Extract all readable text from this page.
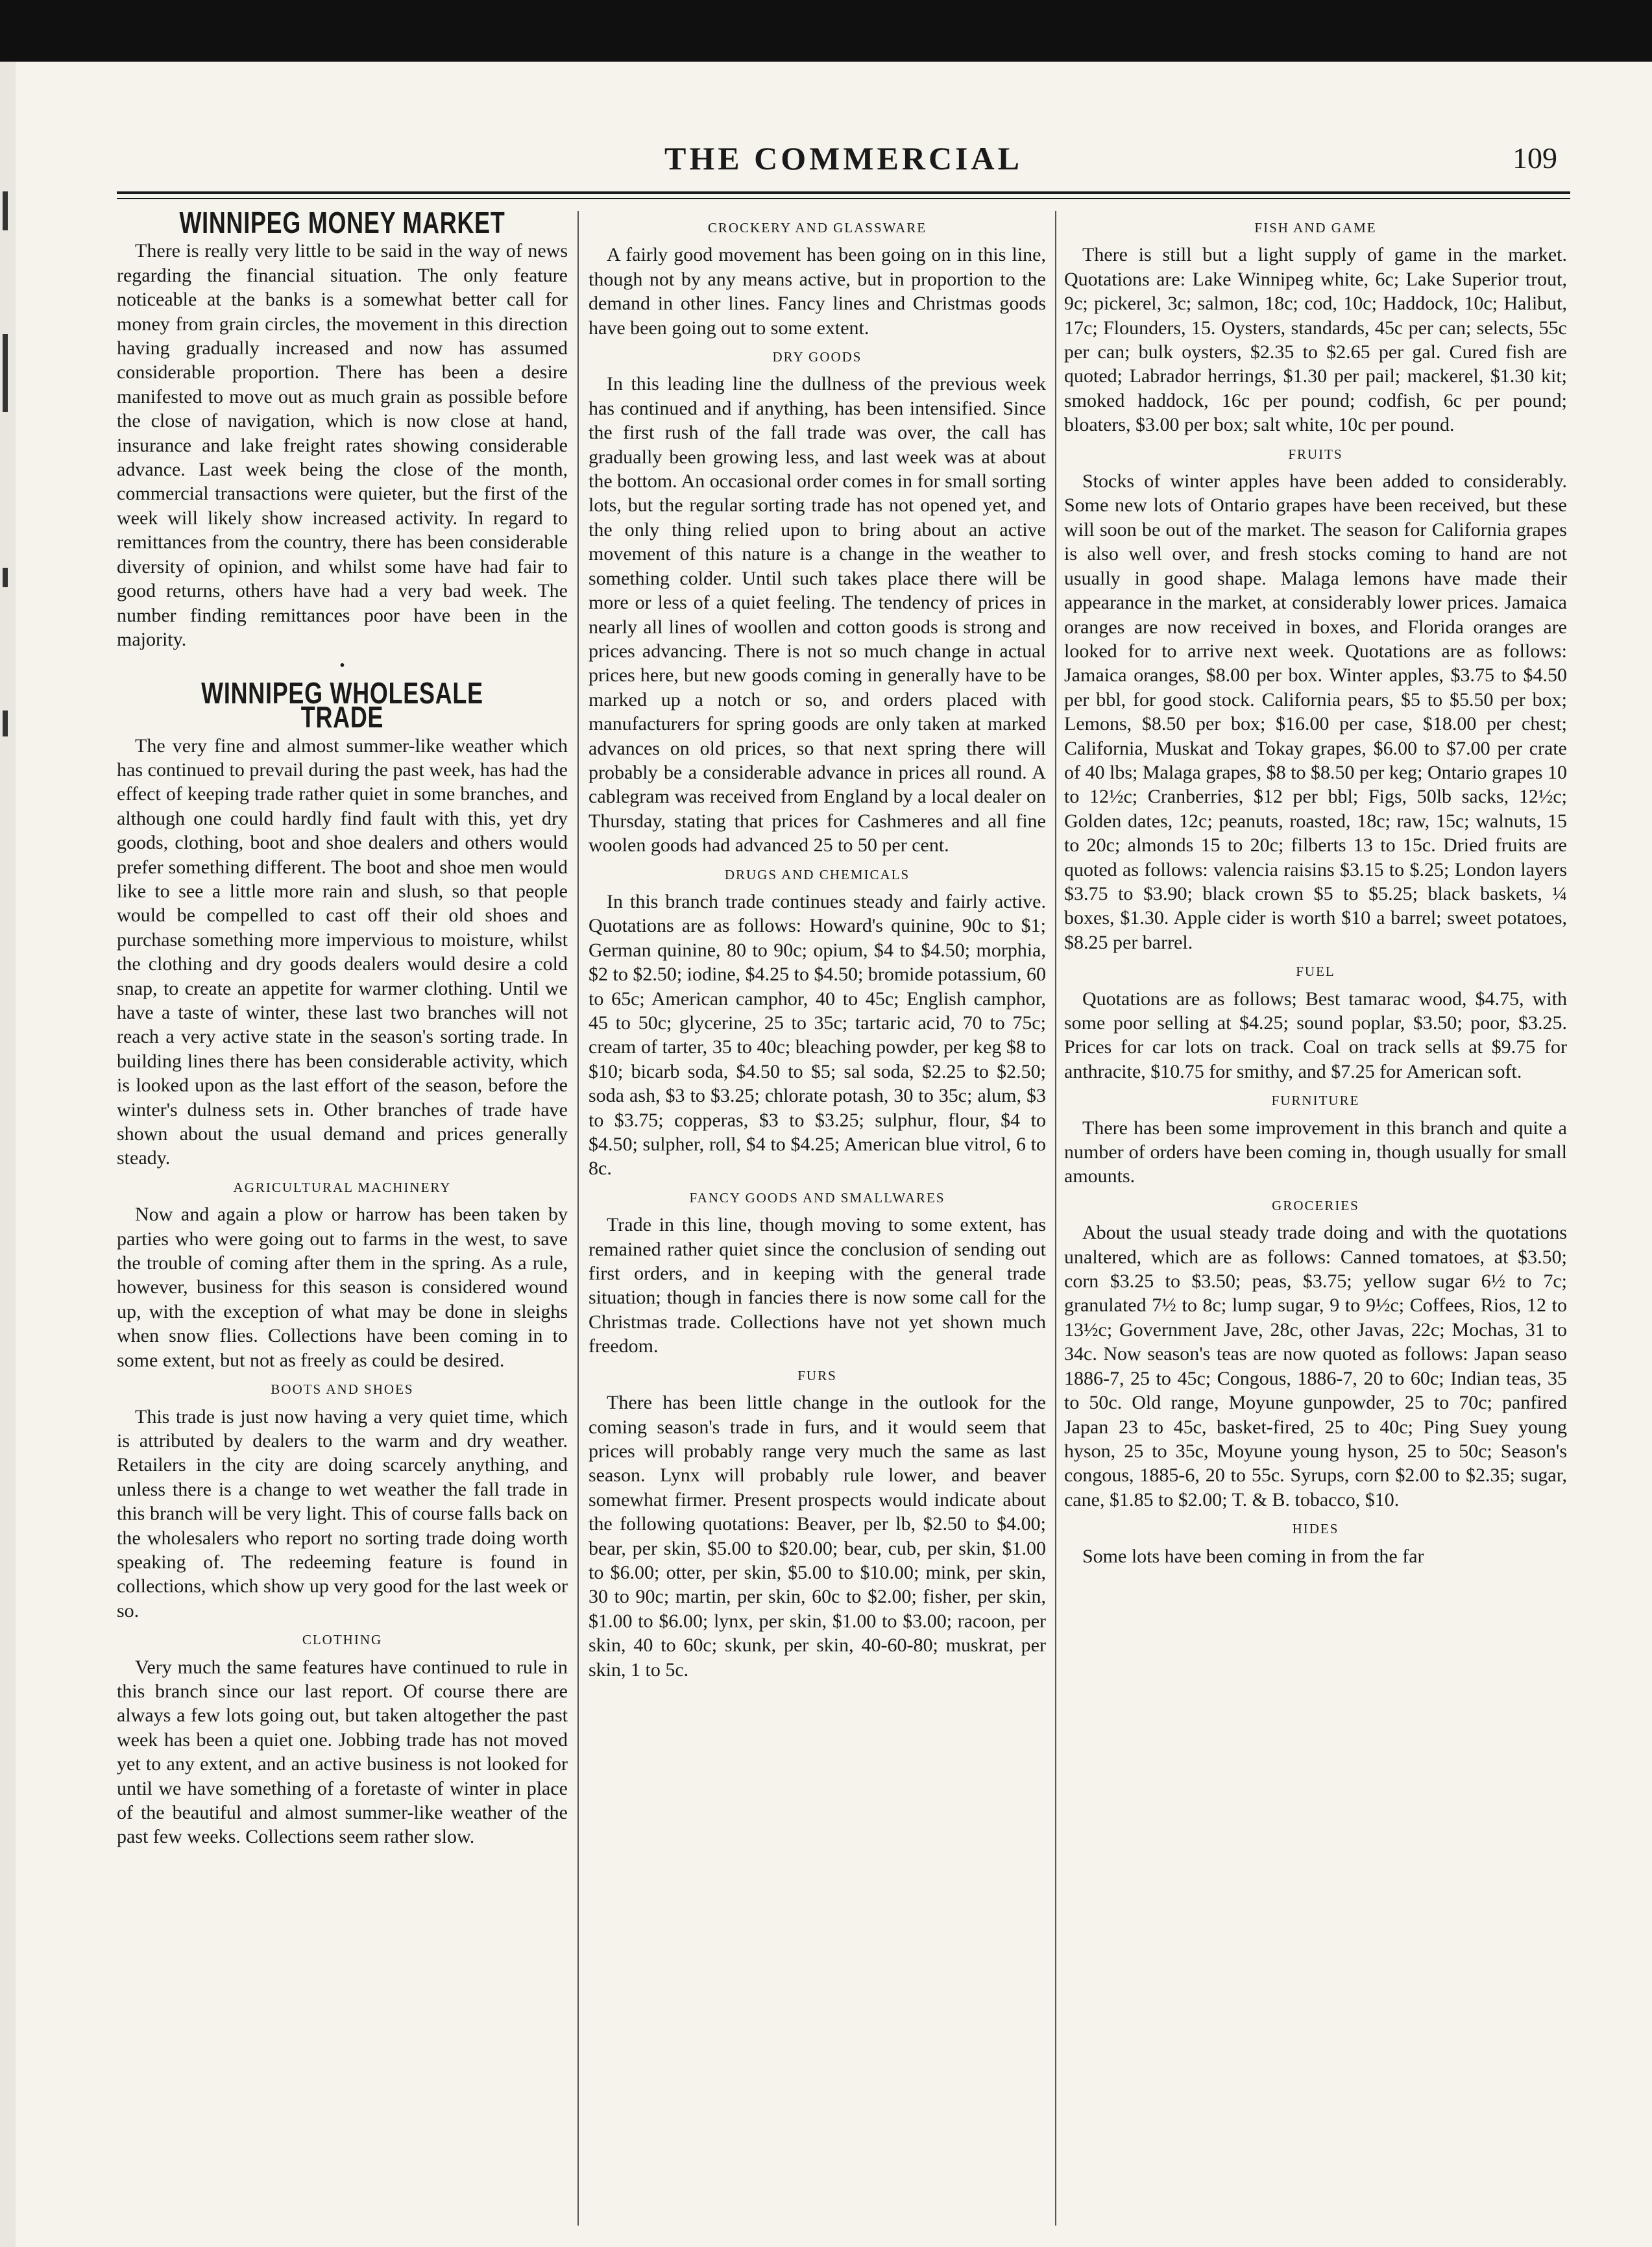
THE COMMERCIAL	109
WINNIPEG MONEY MARKET

There is really very little to be said in the way of news regarding the financial situation. The only feature noticeable at the banks is a somewhat better call for money from grain circles, the movement in this direction having gradually increased and now has assumed considerable proportion. There has been a desire manifested to move out as much grain as possible before the close of navigation, which is now close at hand, insurance and lake freight rates showing considerable advance. Last week being the close of the month, commercial transactions were quieter, but the first of the week will likely show increased activity. In regard to remittances from the country, there has been considerable diversity of opinion, and whilst some have had fair to good returns, others have had a very bad week. The number finding remittances poor have been in the majority.

•
WINNIPEG WHOLESALE TRADE

The very fine and almost summer-like weather which has continued to prevail during the past week, has had the effect of keeping trade rather quiet in some branches, and although one could hardly find fault with this, yet dry goods, clothing, boot and shoe dealers and others would prefer something different. The boot and shoe men would like to see a little more rain and slush, so that people would be compelled to cast off their old shoes and purchase something more impervious to moisture, whilst the clothing and dry goods dealers would desire a cold snap, to create an appetite for warmer clothing. Until we have a taste of winter, these last two branches will not reach a very active state in the season's sorting trade. In building lines there has been considerable activity, which is looked upon as the last effort of the season, before the winter's dulness sets in. Other branches of trade have shown about the usual demand and prices generally steady.

AGRICULTURAL MACHINERY

Now and again a plow or harrow has been taken by parties who were going out to farms in the west, to save the trouble of coming after them in the spring. As a rule, however, business for this season is considered wound up, with the exception of what may be done in sleighs when snow flies. Collections have been coming in to some extent, but not as freely as could be desired.

BOOTS AND SHOES

This trade is just now having a very quiet time, which is attributed by dealers to the warm and dry weather. Retailers in the city are doing scarcely anything, and unless there is a change to wet weather the fall trade in this branch will be very light. This of course falls back on the wholesalers who report no sorting trade doing worth speaking of. The redeeming feature is found in collections, which show up very good for the last week or so.

CLOTHING

Very much the same features have continued to rule in this branch since our last report. Of course there are always a few lots going out, but taken altogether the past week has been a quiet one. Jobbing trade has not moved yet to any extent, and an active business is not looked for until we have something of a foretaste of winter in place of the beautiful and almost summer-like weather of the past few weeks. Collections seem rather slow.

CROCKERY AND GLASSWARE

A fairly good movement has been going on in this line, though not by any means active, but in proportion to the demand in other lines. Fancy lines and Christmas goods have been going out to some extent.

DRY GOODS

In this leading line the dullness of the previous week has continued and if anything, has been intensified. Since the first rush of the fall trade was over, the call has gradually been growing less, and last week was at about the bottom. An occasional order comes in for small sorting lots, but the regular sorting trade has not opened yet, and the only thing relied upon to bring about an active movement of this nature is a change in the weather to something colder. Until such takes place there will be more or less of a quiet feeling. The tendency of prices in nearly all lines of woollen and cotton goods is strong and prices advancing. There is not so much change in actual prices here, but new goods coming in generally have to be marked up a notch or so, and orders placed with manufacturers for spring goods are only taken at marked advances on old prices, so that next spring there will probably be a considerable advance in prices all round. A cablegram was received from England by a local dealer on Thursday, stating that prices for Cashmeres and all fine woolen goods had advanced 25 to 50 per cent.

DRUGS AND CHEMICALS

In this branch trade continues steady and fairly active. Quotations are as follows: Howard's quinine, 90c to $1; German quinine, 80 to 90c; opium, $4 to $4.50; morphia, $2 to $2.50; iodine, $4.25 to $4.50; bromide potassium, 60 to 65c; American camphor, 40 to 45c; English camphor, 45 to 50c; glycerine, 25 to 35c; tartaric acid, 70 to 75c; cream of tarter, 35 to 40c; bleaching powder, per keg $8 to $10; bicarb soda, $4.50 to $5; sal soda, $2.25 to $2.50; soda ash, $3 to $3.25; chlorate potash, 30 to 35c; alum, $3 to $3.75; copperas, $3 to $3.25; sulphur, flour, $4 to $4.50; sulpher, roll, $4 to $4.25; American blue vitrol, 6 to 8c.

FANCY GOODS AND SMALLWARES

Trade in this line, though moving to some extent, has remained rather quiet since the conclusion of sending out first orders, and in keeping with the general trade situation; though in fancies there is now some call for the Christmas trade. Collections have not yet shown much freedom.

FURS

There has been little change in the outlook for the coming season's trade in furs, and it would seem that prices will probably range very much the same as last season. Lynx will probably rule lower, and beaver somewhat firmer. Present prospects would indicate about the following quotations: Beaver, per lb, $2.50 to $4.00; bear, per skin, $5.00 to $20.00; bear, cub, per skin, $1.00 to $6.00; otter, per skin, $5.00 to $10.00; mink, per skin, 30 to 90c; martin, per skin, 60c to $2.00; fisher, per skin, $1.00 to $6.00; lynx, per skin, $1.00 to $3.00; racoon, per skin, 40 to 60c; skunk, per skin, 40-60-80; muskrat, per skin, 1 to 5c.

FISH AND GAME

There is still but a light supply of game in the market. Quotations are: Lake Winnipeg white, 6c; Lake Superior trout, 9c; pickerel, 3c; salmon, 18c; cod, 10c; Haddock, 10c; Halibut, 17c; Flounders, 15. Oysters, standards, 45c per can; selects, 55c per can; bulk oysters, $2.35 to $2.65 per gal. Cured fish are quoted; Labrador herrings, $1.30 per pail; mackerel, $1.30 kit; smoked haddock, 16c per pound; codfish, 6c per pound; bloaters, $3.00 per box; salt white, 10c per pound.

FRUITS

Stocks of winter apples have been added to considerably. Some new lots of Ontario grapes have been received, but these will soon be out of the market. The season for California grapes is also well over, and fresh stocks coming to hand are not usually in good shape. Malaga lemons have made their appearance in the market, at considerably lower prices. Jamaica oranges are now received in boxes, and Florida oranges are looked for to arrive next week. Quotations are as follows: Jamaica oranges, $8.00 per box. Winter apples, $3.75 to $4.50 per bbl, for good stock. California pears, $5 to $5.50 per box; Lemons, $8.50 per box; $16.00 per case, $18.00 per chest; California, Muskat and Tokay grapes, $6.00 to $7.00 per crate of 40 lbs; Malaga grapes, $8 to $8.50 per keg; Ontario grapes 10 to 12½c; Cranberries, $12 per bbl; Figs, 50lb sacks, 12½c; Golden dates, 12c; peanuts, roasted, 18c; raw, 15c; walnuts, 15 to 20c; almonds 15 to 20c; filberts 13 to 15c. Dried fruits are quoted as follows: valencia raisins $3.15 to $.25; London layers $3.75 to $3.90; black crown $5 to $5.25; black baskets, ¼ boxes, $1.30. Apple cider is worth $10 a barrel; sweet potatoes, $8.25 per barrel.

FUEL

Quotations are as follows; Best tamarac wood, $4.75, with some poor selling at $4.25; sound poplar, $3.50; poor, $3.25. Prices for car lots on track. Coal on track sells at $9.75 for anthracite, $10.75 for smithy, and $7.25 for American soft.

FURNITURE

There has been some improvement in this branch and quite a number of orders have been coming in, though usually for small amounts.

GROCERIES

About the usual steady trade doing and with the quotations unaltered, which are as follows: Canned tomatoes, at $3.50; corn $3.25 to $3.50; peas, $3.75; yellow sugar 6½ to 7c; granulated 7½ to 8c; lump sugar, 9 to 9½c; Coffees, Rios, 12 to 13½c; Government Jave, 28c, other Javas, 22c; Mochas, 31 to 34c. Now season's teas are now quoted as follows: Japan seaso 1886-7, 25 to 45c; Congous, 1886-7, 20 to 60c; Indian teas, 35 to 50c. Old range, Moyune gunpowder, 25 to 70c; panfired Japan 23 to 45c, basket-fired, 25 to 40c; Ping Suey young hyson, 25 to 35c, Moyune young hyson, 25 to 50c; Season's congous, 1885-6, 20 to 55c. Syrups, corn $2.00 to $2.35; sugar, cane, $1.85 to $2.00; T. & B. tobacco, $10.

HIDES

Some lots have been coming in from the far
